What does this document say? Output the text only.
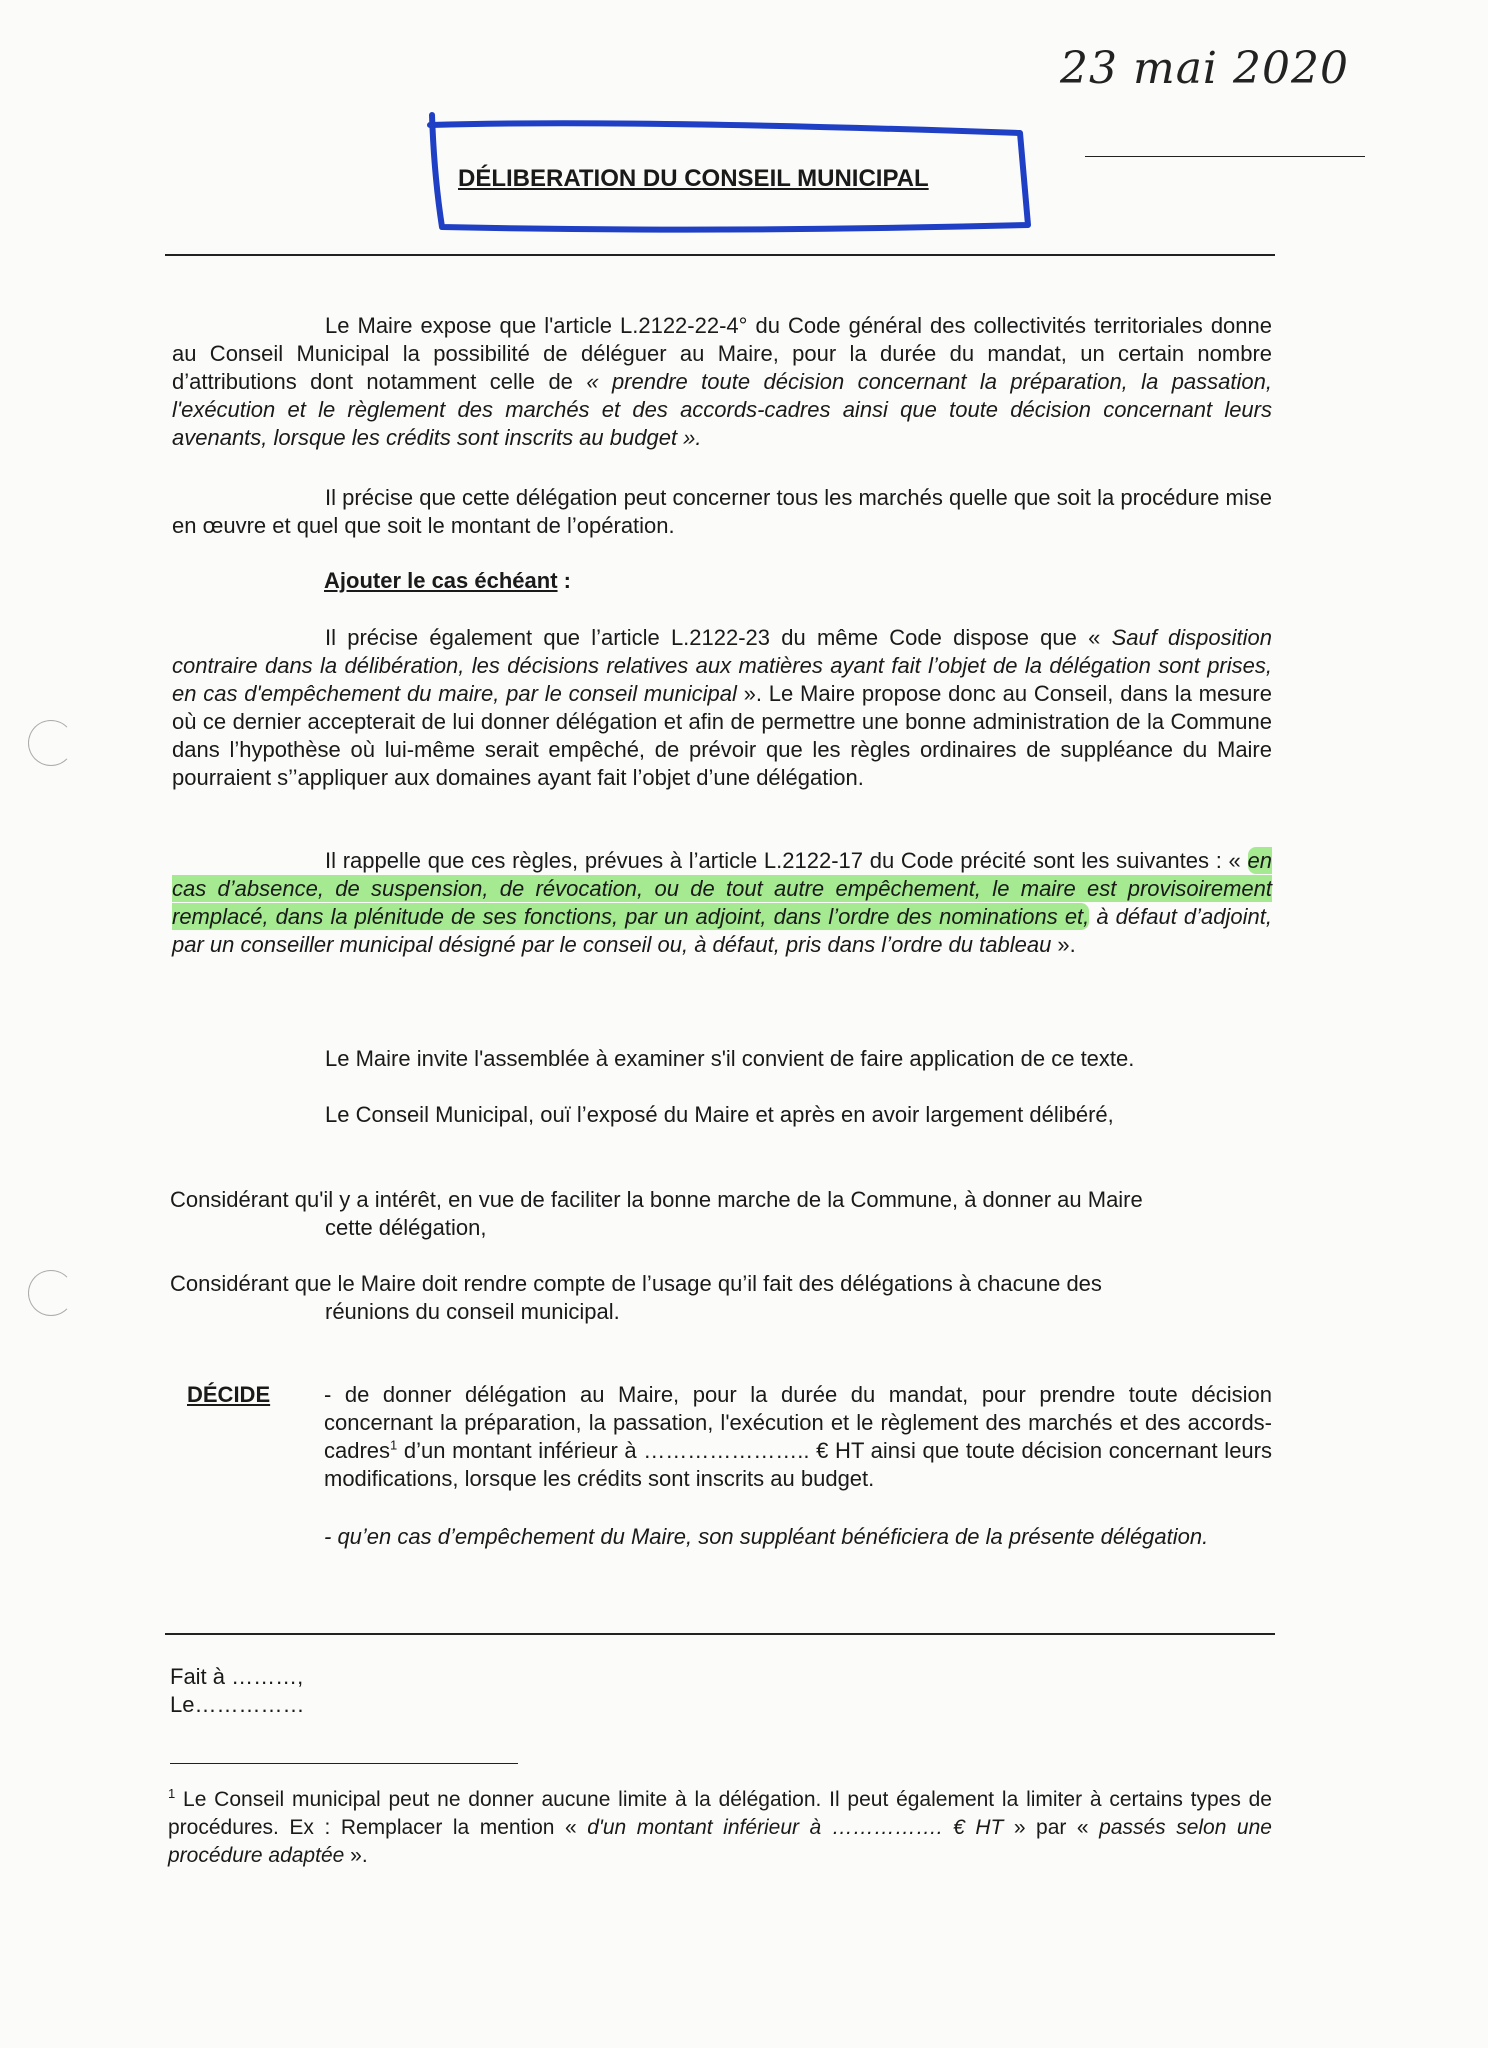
23 mai 2020
DÉLIBERATION DU CONSEIL MUNICIPAL
Le Maire expose que l'article L.2122-22-4° du Code général des collectivités territoriales donne au Conseil Municipal la possibilité de déléguer au Maire, pour la durée du mandat, un certain nombre d’attributions dont notamment celle de « prendre toute décision concernant la préparation, la passation, l'exécution et le règlement des marchés et des accords-cadres ainsi que toute décision concernant leurs avenants, lorsque les crédits sont inscrits au budget ».
Il précise que cette délégation peut concerner tous les marchés quelle que soit la procédure mise en œuvre et quel que soit le montant de l’opération.
Ajouter le cas échéant :
Il précise également que l’article L.2122-23 du même Code dispose que « Sauf disposition contraire dans la délibération, les décisions relatives aux matières ayant fait l’objet de la délégation sont prises, en cas d'empêchement du maire, par le conseil municipal ». Le Maire propose donc au Conseil, dans la mesure où ce dernier accepterait de lui donner délégation et afin de permettre une bonne administration de la Commune dans l’hypothèse où lui-même serait empêché, de prévoir que les règles ordinaires de suppléance du Maire pourraient s’’appliquer aux domaines ayant fait l’objet d’une délégation.
Il rappelle que ces règles, prévues à l’article L.2122-17 du Code précité sont les suivantes : « en cas d’absence, de suspension, de révocation, ou de tout autre empêchement, le maire est provisoirement remplacé, dans la plénitude de ses fonctions, par un adjoint, dans l’ordre des nominations et, à défaut d’adjoint, par un conseiller municipal désigné par le conseil ou, à défaut, pris dans l’ordre du tableau ».
Le Maire invite l'assemblée à examiner s'il convient de faire application de ce texte.
Le Conseil Municipal, ouï l’exposé du Maire et après en avoir largement délibéré,
Considérant qu'il y a intérêt, en vue de faciliter la bonne marche de la Commune, à donner au Maire
cette délégation,
Considérant que le Maire doit rendre compte de l’usage qu’il fait des délégations à chacune des
réunions du conseil municipal.
DÉCIDE - de donner délégation au Maire, pour la durée du mandat, pour prendre toute décision concernant la préparation, la passation, l'exécution et le règlement des marchés et des accords-cadres$^1$ d’un montant inférieur à ………………….. € HT ainsi que toute décision concernant leurs modifications, lorsque les crédits sont inscrits au budget.
- qu’en cas d’empêchement du Maire, son suppléant bénéficiera de la présente délégation.
Fait à ………,
Le……………
$^1$ Le Conseil municipal peut ne donner aucune limite à la délégation. Il peut également la limiter à certains types de procédures. Ex : Remplacer la mention « d'un montant inférieur à ……………. € HT » par « passés selon une procédure adaptée ».
